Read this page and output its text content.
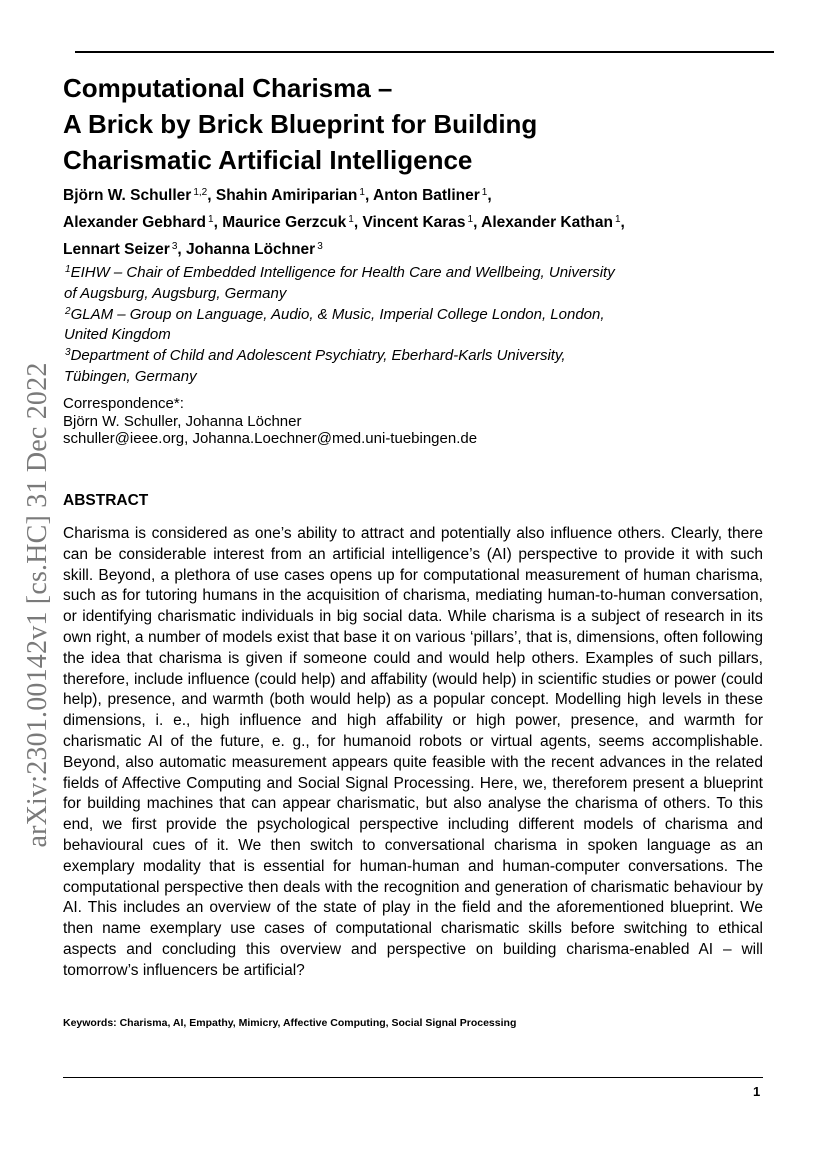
arXiv:2301.00142v1 [cs.HC] 31 Dec 2022
Computational Charisma –
A Brick by Brick Blueprint for Building
Charismatic Artificial Intelligence
Björn W. Schuller $^{1,2}$, Shahin Amiriparian $^1$, Anton Batliner $^1$,
Alexander Gebhard $^1$, Maurice Gerzcuk $^1$, Vincent Karas $^1$, Alexander Kathan $^1$,
Lennart Seizer $^3$, Johanna Löchner $^3$
$^1$EIHW – Chair of Embedded Intelligence for Health Care and Wellbeing, University
of Augsburg, Augsburg, Germany
$^2$GLAM – Group on Language, Audio, & Music, Imperial College London, London,
United Kingdom
$^3$Department of Child and Adolescent Psychiatry, Eberhard-Karls University,
Tübingen, Germany
Correspondence*:
Björn W. Schuller, Johanna Löchner
schuller@ieee.org, Johanna.Loechner@med.uni-tuebingen.de
ABSTRACT

Charisma is considered as one’s ability to attract and potentially also influence others. Clearly, there can be considerable interest from an artificial intelligence’s (AI) perspective to provide it with such skill. Beyond, a plethora of use cases opens up for computational measurement of human charisma, such as for tutoring humans in the acquisition of charisma, mediating human-to-human conversation, or identifying charismatic individuals in big social data. While charisma is a subject of research in its own right, a number of models exist that base it on various ‘pillars’, that is, dimensions, often following the idea that charisma is given if someone could and would help others. Examples of such pillars, therefore, include influence (could help) and affability (would help) in scientific studies or power (could help), presence, and warmth (both would help) as a popular concept. Modelling high levels in these dimensions, i. e., high influence and high affability or high power, presence, and warmth for charismatic AI of the future, e. g., for humanoid robots or virtual agents, seems accomplishable. Beyond, also automatic measurement appears quite feasible with the recent advances in the related fields of Affective Computing and Social Signal Processing. Here, we, thereforem present a blueprint for building machines that can appear charismatic, but also analyse the charisma of others. To this end, we first provide the psychological perspective including different models of charisma and behavioural cues of it. We then switch to conversational charisma in spoken language as an exemplary modality that is essential for human-human and human-computer conversations. The computational perspective then deals with the recognition and generation of charismatic behaviour by AI. This includes an overview of the state of play in the field and the aforementioned blueprint. We then name exemplary use cases of computational charismatic skills before switching to ethical aspects and concluding this overview and perspective on building charisma-enabled AI – will tomorrow’s influencers be artificial?

Keywords: Charisma, AI, Empathy, Mimicry, Affective Computing, Social Signal Processing
1
